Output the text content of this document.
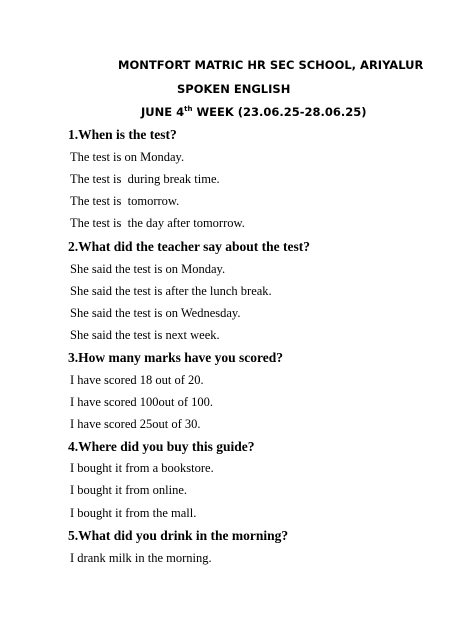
MONTFORT MATRIC HR SEC SCHOOL, ARIYALUR
SPOKEN ENGLISH
JUNE 4th WEEK (23.06.25-28.06.25)
1.When is the test?
The test is on Monday.
The test is  during break time.
The test is  tomorrow.
The test is  the day after tomorrow.
2.What did the teacher say about the test?
She said the test is on Monday.
She said the test is after the lunch break.
She said the test is on Wednesday.
She said the test is next week.
3.How many marks have you scored?
I have scored 18 out of 20.
I have scored 100out of 100.
I have scored 25out of 30.
4.Where did you buy this guide?
I bought it from a bookstore.
I bought it from online.
I bought it from the mall.
5.What did you drink in the morning?
I drank milk in the morning.
